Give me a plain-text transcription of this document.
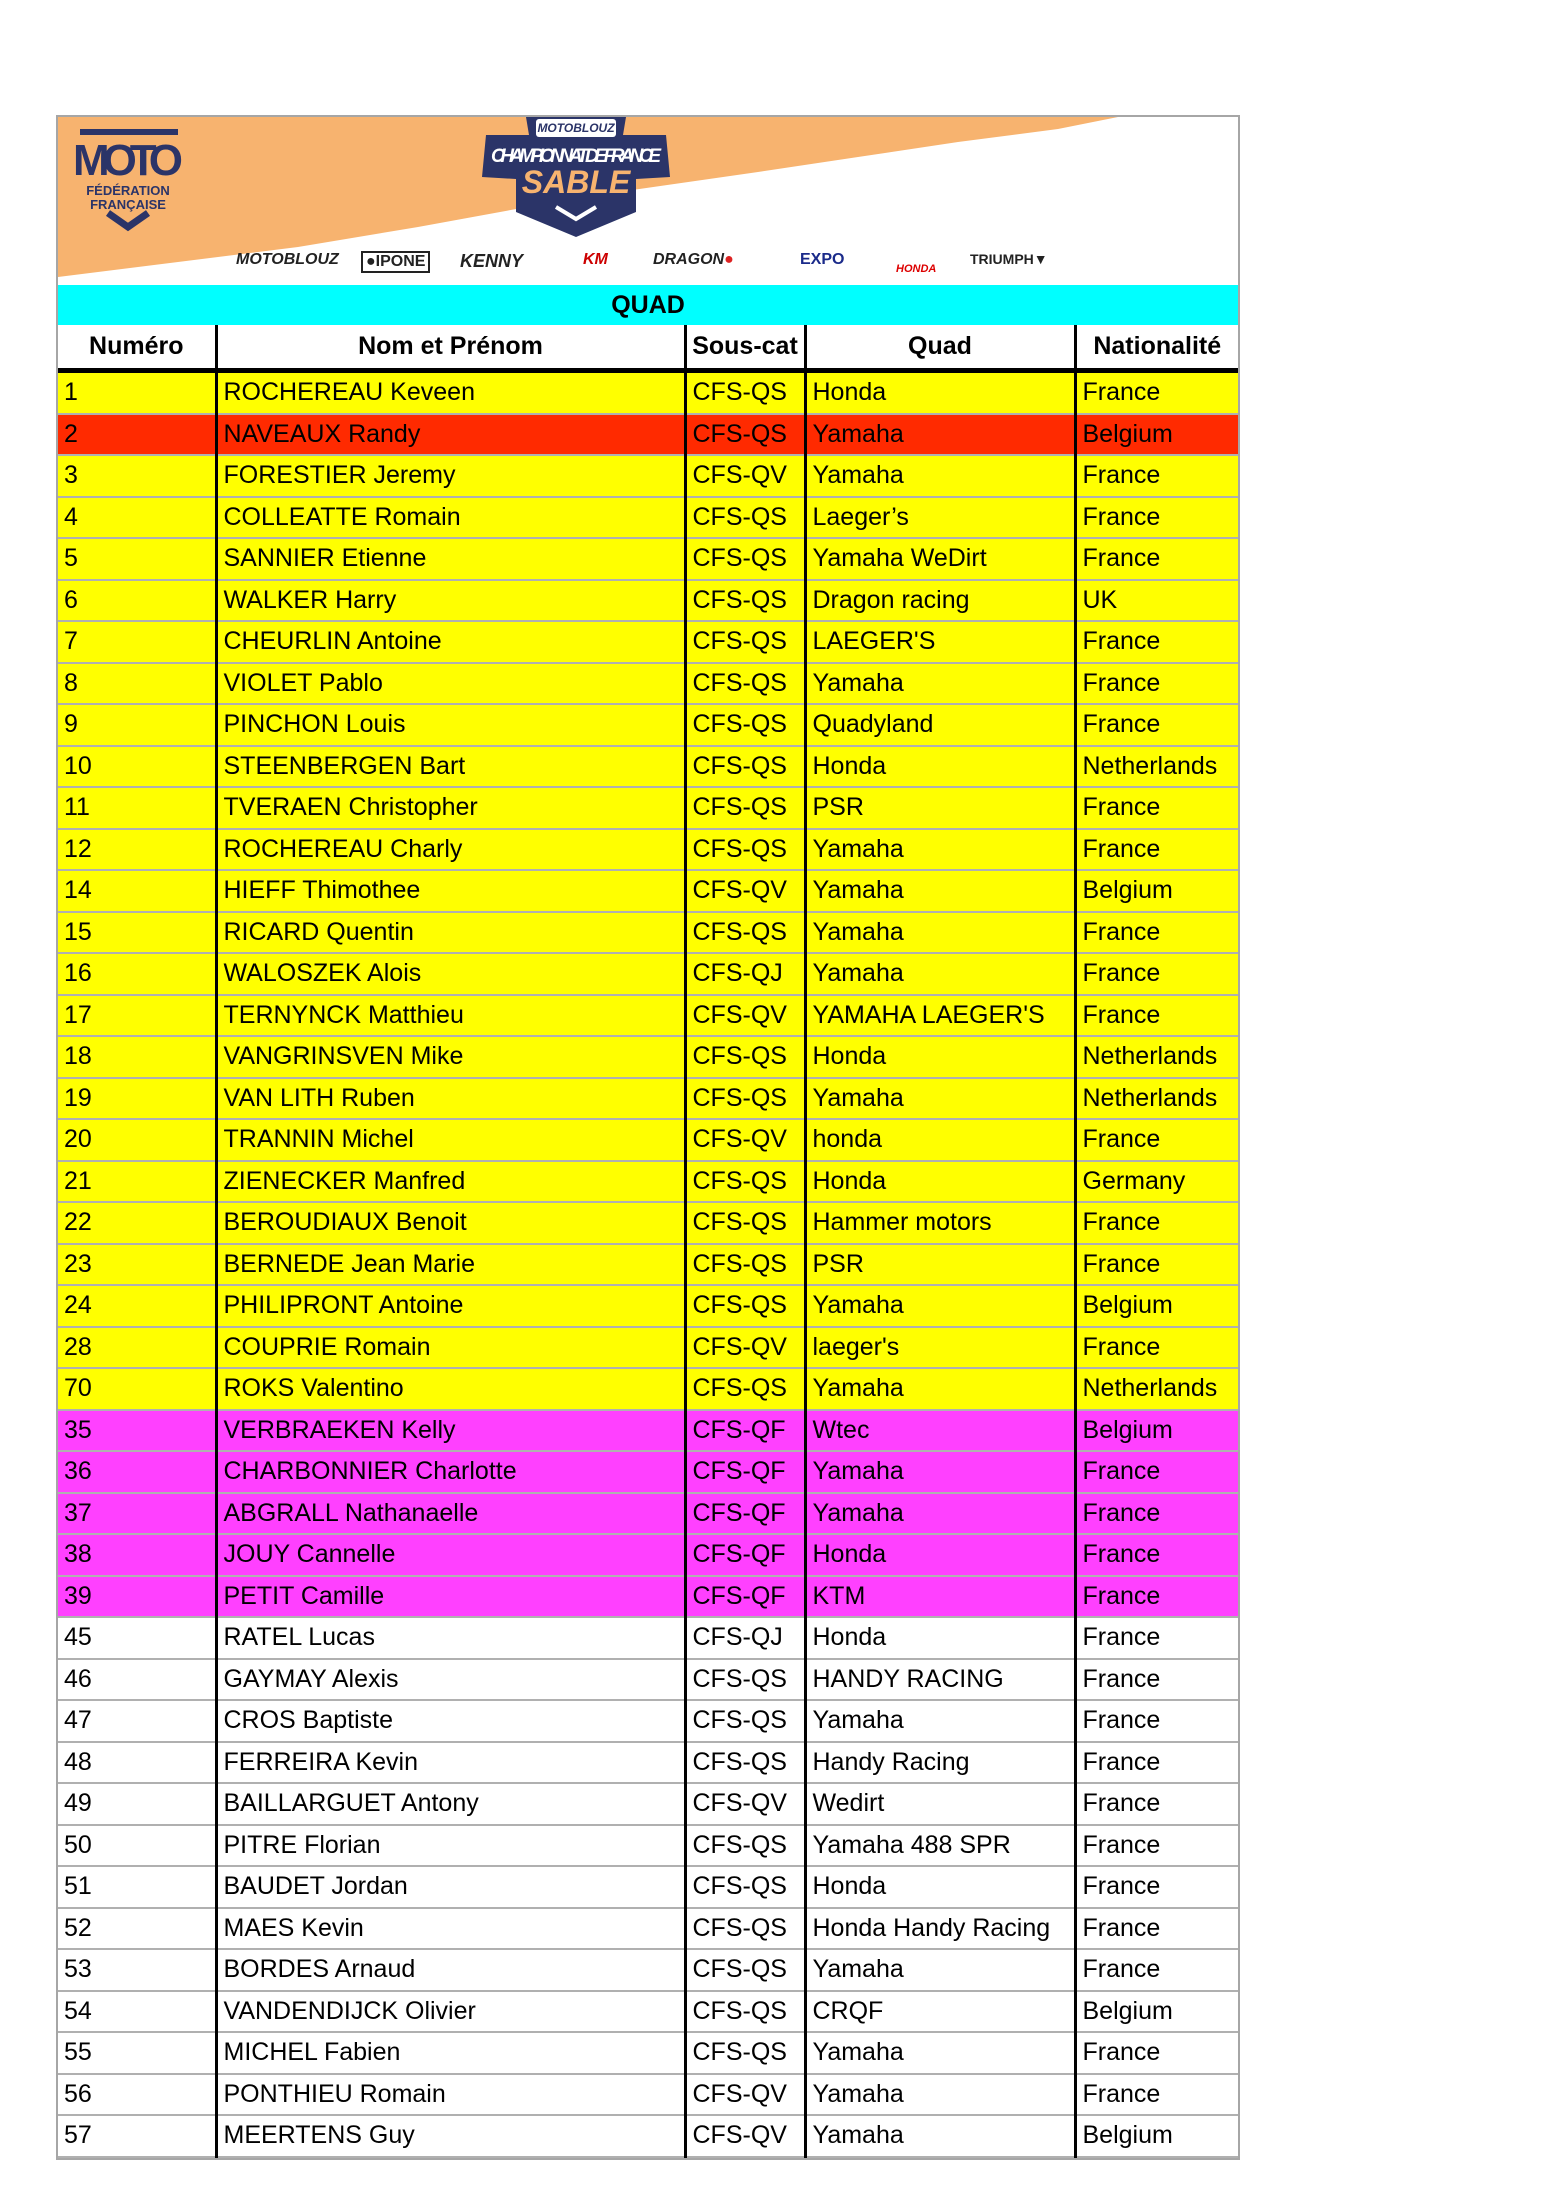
MOTO
FÉDÉRATION
FRANÇAISE
MOTOBLOUZ
CHAMPIONNAT DE FRANCE
SABLE
MOTOBLOUZ	●IPONE KENNY	KM	DRAGON●	EXPO
HONDA
TRIUMPH▼
QUAD
Numéro	Nom et Prénom	Sous-cat	Quad	Nationalité
1	ROCHEREAU Keveen	CFS-QS	Honda	France
2	NAVEAUX Randy	CFS-QS	Yamaha	Belgium
3	FORESTIER Jeremy	CFS-QV	Yamaha	France
4	COLLEATTE Romain	CFS-QS	Laeger’s	France
5	SANNIER Etienne	CFS-QS	Yamaha WeDirt	France
6	WALKER Harry	CFS-QS	Dragon racing	UK
7	CHEURLIN Antoine	CFS-QS	LAEGER'S	France
8	VIOLET Pablo	CFS-QS	Yamaha	France
9	PINCHON Louis	CFS-QS	Quadyland	France
10	STEENBERGEN Bart	CFS-QS	Honda	Netherlands
11	TVERAEN Christopher	CFS-QS	PSR	France
12	ROCHEREAU Charly	CFS-QS	Yamaha	France
14	HIEFF Thimothee	CFS-QV	Yamaha	Belgium
15	RICARD Quentin	CFS-QS	Yamaha	France
16	WALOSZEK Alois	CFS-QJ	Yamaha	France
17	TERNYNCK Matthieu	CFS-QV	YAMAHA LAEGER'S	France
18	VANGRINSVEN Mike	CFS-QS	Honda	Netherlands
19	VAN LITH Ruben	CFS-QS	Yamaha	Netherlands
20	TRANNIN Michel	CFS-QV	honda	France
21	ZIENECKER Manfred	CFS-QS	Honda	Germany
22	BEROUDIAUX Benoit	CFS-QS	Hammer motors	France
23	BERNEDE Jean Marie	CFS-QS	PSR	France
24	PHILIPRONT Antoine	CFS-QS	Yamaha	Belgium
28	COUPRIE Romain	CFS-QV	laeger's	France
70	ROKS Valentino	CFS-QS	Yamaha	Netherlands
35	VERBRAEKEN Kelly	CFS-QF	Wtec	Belgium
36	CHARBONNIER Charlotte	CFS-QF	Yamaha	France
37	ABGRALL Nathanaelle	CFS-QF	Yamaha	France
38	JOUY Cannelle	CFS-QF	Honda	France
39	PETIT Camille	CFS-QF	KTM	France
45	RATEL Lucas	CFS-QJ	Honda	France
46	GAYMAY Alexis	CFS-QS	HANDY RACING	France
47	CROS Baptiste	CFS-QS	Yamaha	France
48	FERREIRA Kevin	CFS-QS	Handy Racing	France
49	BAILLARGUET Antony	CFS-QV	Wedirt	France
50	PITRE Florian	CFS-QS	Yamaha 488 SPR	France
51	BAUDET Jordan	CFS-QS	Honda	France
52	MAES Kevin	CFS-QS	Honda Handy Racing	France
53	BORDES Arnaud	CFS-QS	Yamaha	France
54	VANDENDIJCK Olivier	CFS-QS	CRQF	Belgium
55	MICHEL Fabien	CFS-QS	Yamaha	France
56	PONTHIEU Romain	CFS-QV	Yamaha	France
57	MEERTENS Guy	CFS-QV	Yamaha	Belgium
